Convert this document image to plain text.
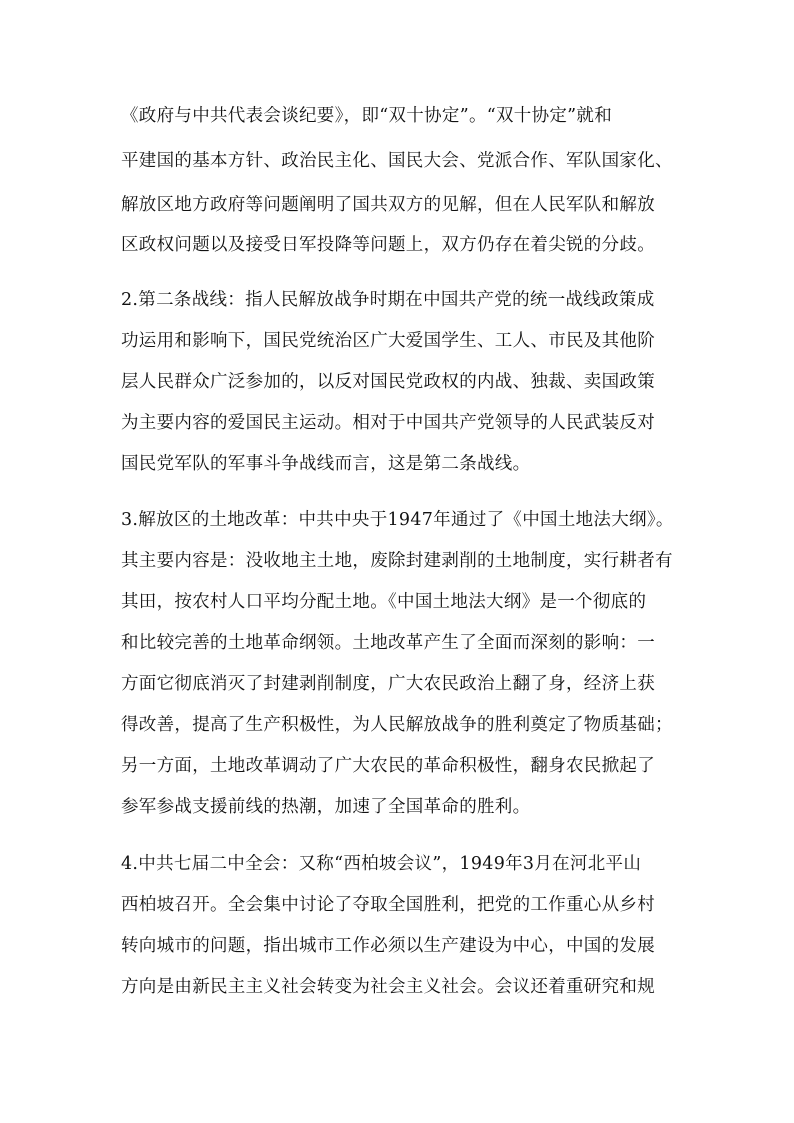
《政府与中共代表会谈纪要》，即“双十协定”。“双十协定”就和
平建国的基本方针、政治民主化、国民大会、党派合作、军队国家化、
解放区地方政府等问题阐明了国共双方的见解，但在人民军队和解放
区政权问题以及接受日军投降等问题上，双方仍存在着尖锐的分歧。
2.第二条战线：指人民解放战争时期在中国共产党的统一战线政策成
功运用和影响下，国民党统治区广大爱国学生、工人、市民及其他阶
层人民群众广泛参加的，以反对国民党政权的内战、独裁、卖国政策
为主要内容的爱国民主运动。相对于中国共产党领导的人民武装反对
国民党军队的军事斗争战线而言，这是第二条战线。
3.解放区的土地改革：中共中央于1947年通过了《中国土地法大纲》。
其主要内容是：没收地主土地，废除封建剥削的土地制度，实行耕者有
其田，按农村人口平均分配土地。《中国土地法大纲》是一个彻底的
和比较完善的土地革命纲领。土地改革产生了全面而深刻的影响：一
方面它彻底消灭了封建剥削制度，广大农民政治上翻了身，经济上获
得改善，提高了生产积极性，为人民解放战争的胜利奠定了物质基础；
另一方面，土地改革调动了广大农民的革命积极性，翻身农民掀起了
参军参战支援前线的热潮，加速了全国革命的胜利。
4.中共七届二中全会：又称“西柏坡会议”，1949年3月在河北平山
西柏坡召开。全会集中讨论了夺取全国胜利，把党的工作重心从乡村
转向城市的问题，指出城市工作必须以生产建设为中心，中国的发展
方向是由新民主主义社会转变为社会主义社会。会议还着重研究和规
